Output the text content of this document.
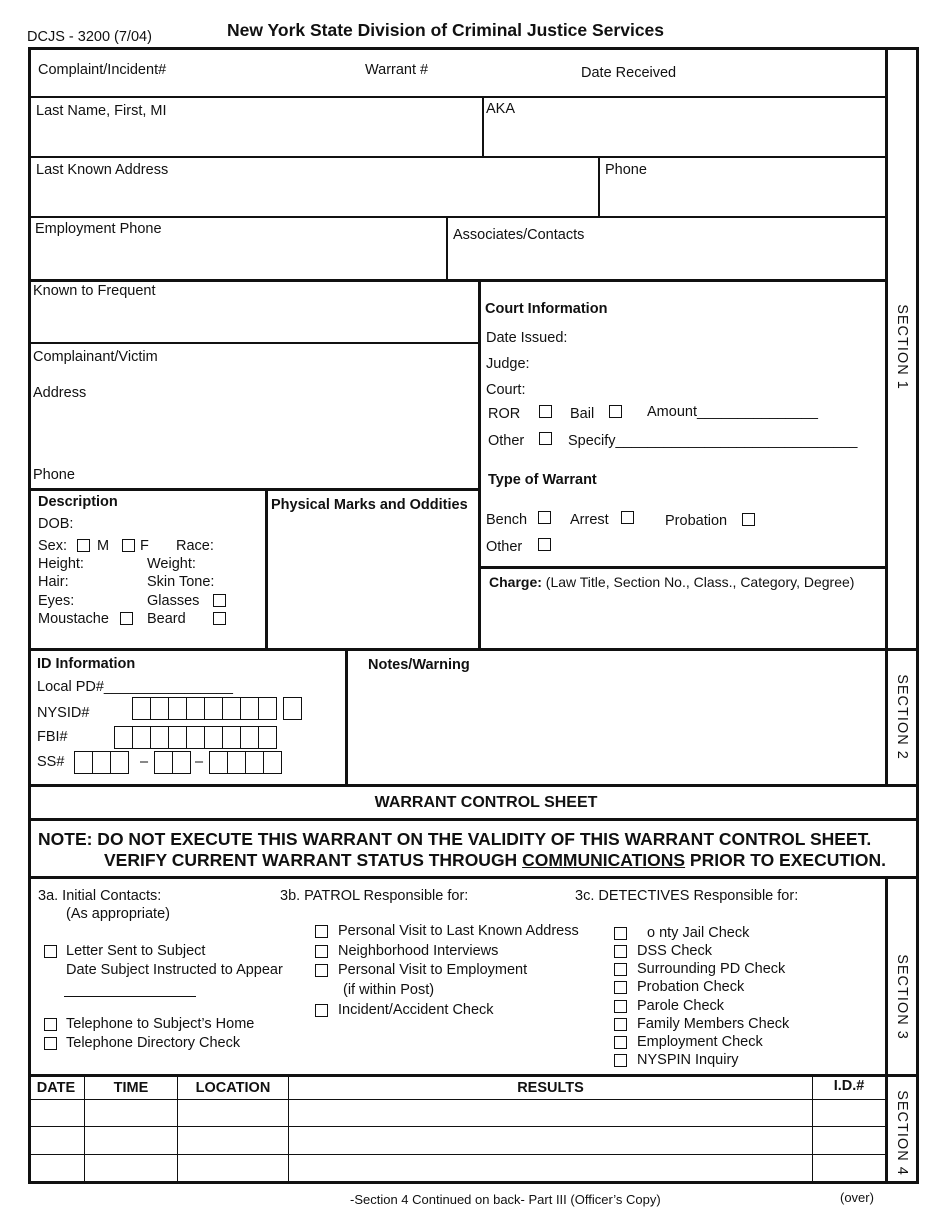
DCJS - 3200 (7/04)	New York State Division of Criminal Justice Services
Complaint/Incident#	Warrant #	Date Received
Last Name, First, MI	AKA
Last Known Address	Phone
Employment Phone	Associates/Contacts
Known to Frequent
Complainant/Victim
Address
Phone
Court Information
Date Issued:
Judge:
Court:
ROR	Bail	Amount_______________
Other	Specify______________________________
Type of Warrant
Bench	Arrest	Probation
Other
Charge: (Law Title, Section No., Class., Category, Degree)
Description
DOB:
Sex: M F Race:
Height:	Weight:
Hair:	Skin Tone:
Eyes:	Glasses
Moustache	Beard
Physical Marks and Oddities
SECTION 1
ID Information
Local PD#________________
NYSID#
FBI#
SS#	–	–
Notes/Warning
SECTION 2
WARRANT CONTROL SHEET
NOTE: DO NOT EXECUTE THIS WARRANT ON THE VALIDITY OF THIS WARRANT CONTROL SHEET.
VERIFY CURRENT WARRANT STATUS THROUGH COMMUNICATIONS PRIOR TO EXECUTION.
3a. Initial Contacts:
(As appropriate)
Letter Sent to Subject
Date Subject Instructed to Appear
Telephone to Subject’s Home
Telephone Directory Check
3b. PATROL Responsible for:
Personal Visit to Last Known Address
Neighborhood Interviews
Personal Visit to Employment
(if within Post)
Incident/Accident Check
3c. DETECTIVES Responsible for:
o nty Jail Check
DSS Check
Surrounding PD Check
Probation Check
Parole Check
Family Members Check
Employment Check
NYSPIN Inquiry
SECTION 3
DATE	TIME	LOCATION	RESULTS	I.D.#
SECTION 4
-Section 4 Continued on back- Part III (Officer’s Copy)	(over)
